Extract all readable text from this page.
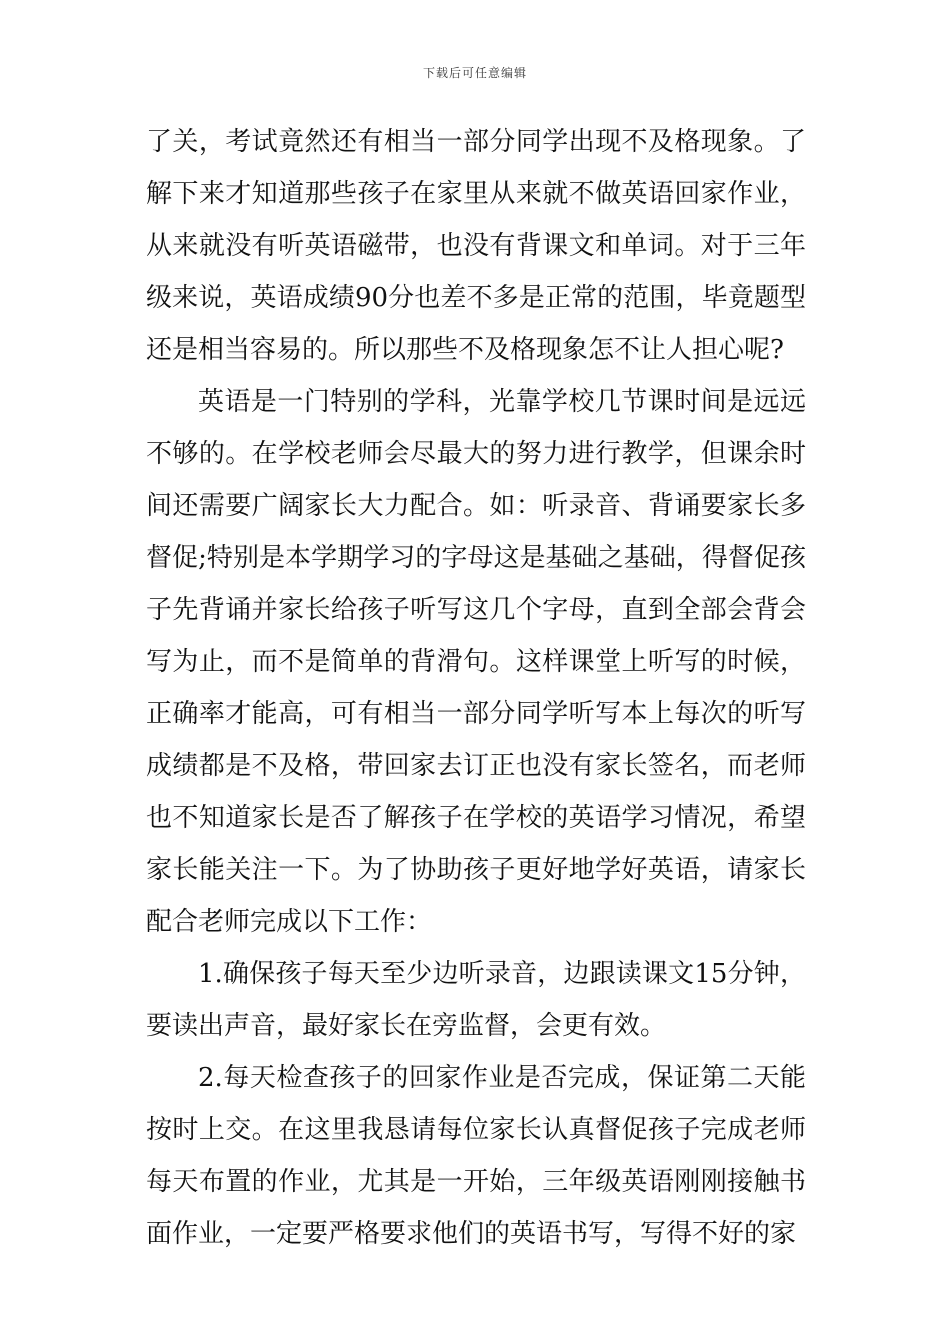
下载后可任意编辑

了关，考试竟然还有相当一部分同学出现不及格现象。了解下来才知道那些孩子在家里从来就不做英语回家作业，从来就没有听英语磁带，也没有背课文和单词。对于三年级来说，英语成绩90分也差不多是正常的范围，毕竟题型还是相当容易的。所以那些不及格现象怎不让人担心呢?

英语是一门特别的学科，光靠学校几节课时间是远远不够的。在学校老师会尽最大的努力进行教学，但课余时间还需要广阔家长大力配合。如：听录音、背诵要家长多督促;特别是本学期学习的字母这是基础之基础，得督促孩子先背诵并家长给孩子听写这几个字母，直到全部会背会写为止，而不是简单的背滑句。这样课堂上听写的时候，正确率才能高，可有相当一部分同学听写本上每次的听写成绩都是不及格，带回家去订正也没有家长签名，而老师也不知道家长是否了解孩子在学校的英语学习情况，希望家长能关注一下。为了协助孩子更好地学好英语，请家长配合老师完成以下工作：

1.确保孩子每天至少边听录音，边跟读课文15分钟，要读出声音，最好家长在旁监督，会更有效。

2.每天检查孩子的回家作业是否完成，保证第二天能按时上交。在这里我恳请每位家长认真督促孩子完成老师每天布置的作业，尤其是一开始，三年级英语刚刚接触书面作业，一定要严格要求他们的英语书写，写得不好的家
